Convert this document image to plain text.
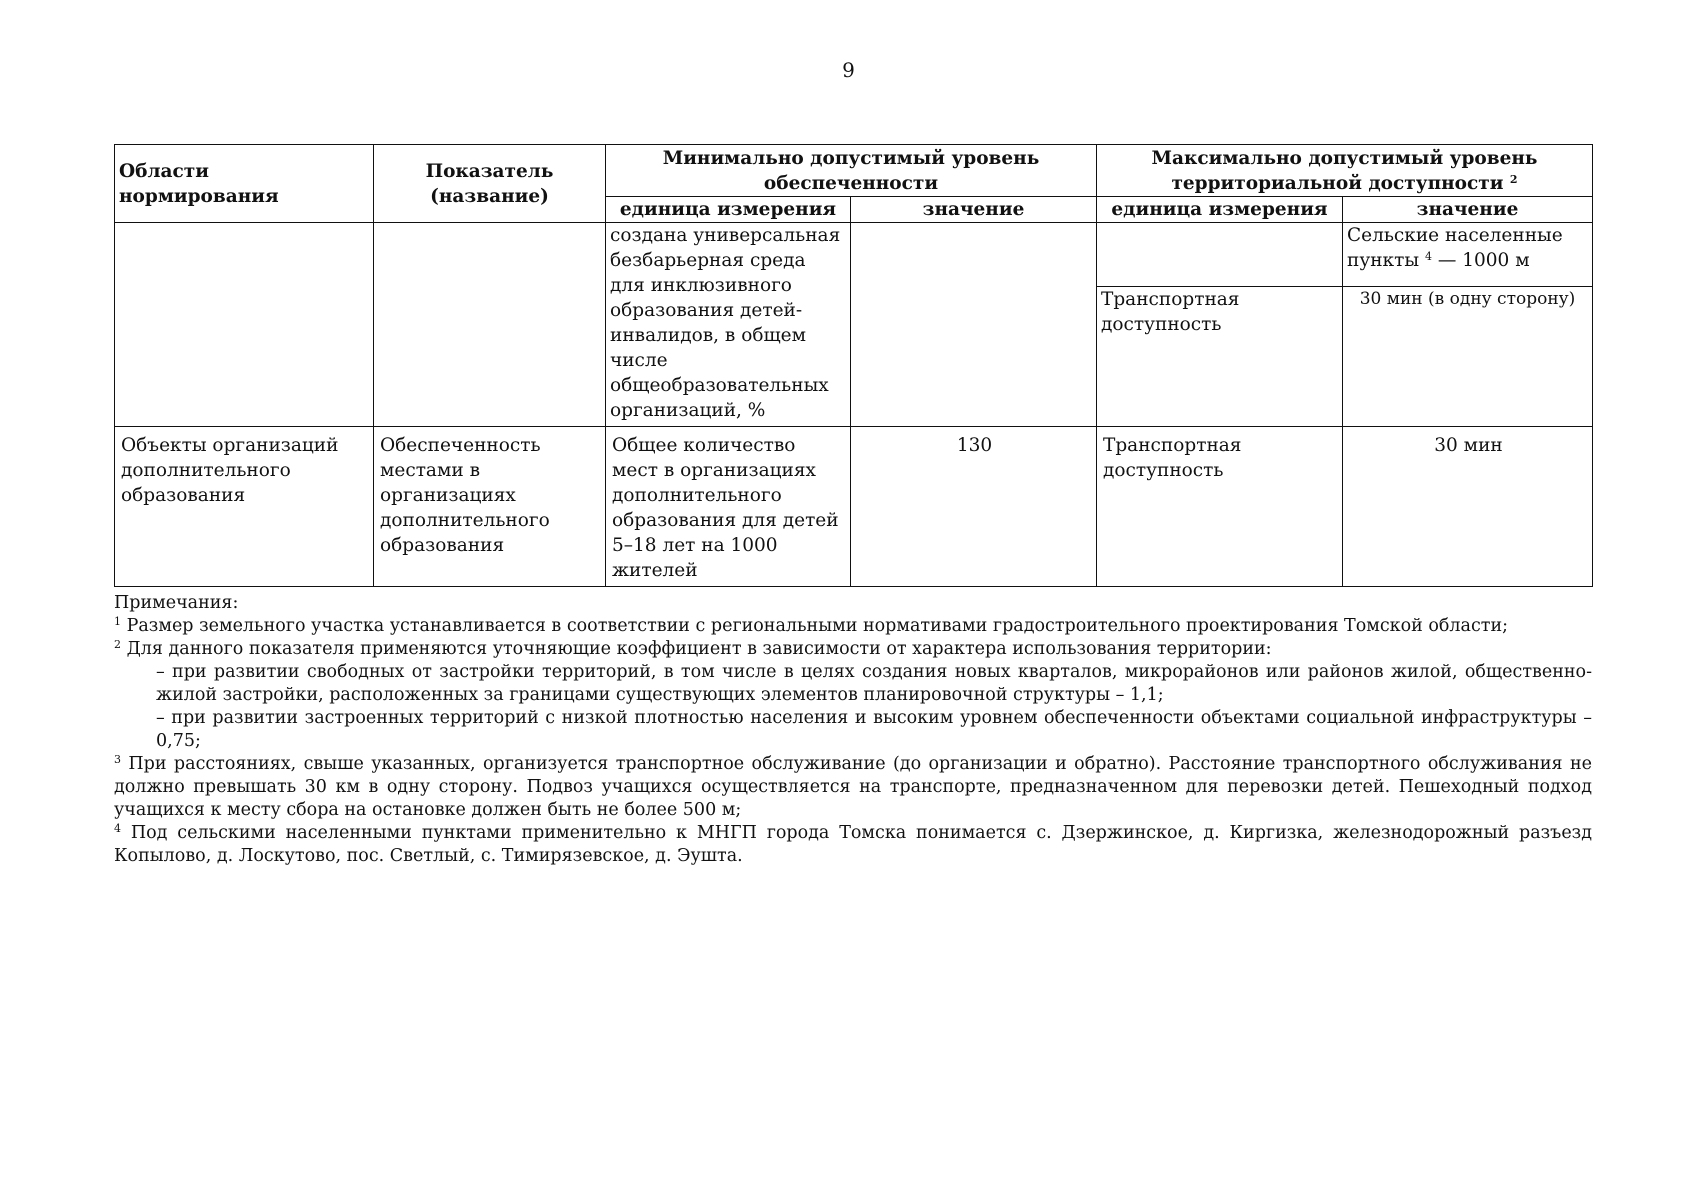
9
Области нормирования	Показатель (название)	Минимально допустимый уровень обеспеченности		Максимально допустимый уровень территориальной доступности $^2$
		единица измерения	значение	единица измерения	значение
		создана универсальная безбарьерная среда для инклюзивного образования детей-инвалидов, в общем числе общеобразовательных организаций, %			Сельские населенные пункты $^4$ — 1000 м
				Транспортная доступность	30 мин (в одну сторону)
Объекты организаций дополнительного образования	Обеспеченность местами в организациях дополнительного образования	Общее количество мест в организациях дополнительного образования для детей 5–18 лет на 1000 жителей	130	Транспортная доступность	30 мин

Примечания:

$^1$ Размер земельного участка устанавливается в соответствии с региональными нормативами градостроительного проектирования Томской области;

$^2$ Для данного показателя применяются уточняющие коэффициент в зависимости от характера использования территории:

– при развитии свободных от застройки территорий, в том числе в целях создания новых кварталов, микрорайонов или районов жилой, общественно-жилой застройки, расположенных за границами существующих элементов планировочной структуры – 1,1;

– при развитии застроенных территорий с низкой плотностью населения и высоким уровнем обеспеченности объектами социальной инфраструктуры – 0,75;

$^3$ При расстояниях, свыше указанных, организуется транспортное обслуживание (до организации и обратно). Расстояние транспортного обслуживания не должно превышать 30 км в одну сторону. Подвоз учащихся осуществляется на транспорте, предназначенном для перевозки детей. Пешеходный подход учащихся к месту сбора на остановке должен быть не более 500 м;

$^4$ Под сельскими населенными пунктами применительно к МНГП города Томска понимается с. Дзержинское, д. Киргизка, железнодорожный разъезд Копылово, д. Лоскутово, пос. Светлый, с. Тимирязевское, д. Эушта.
